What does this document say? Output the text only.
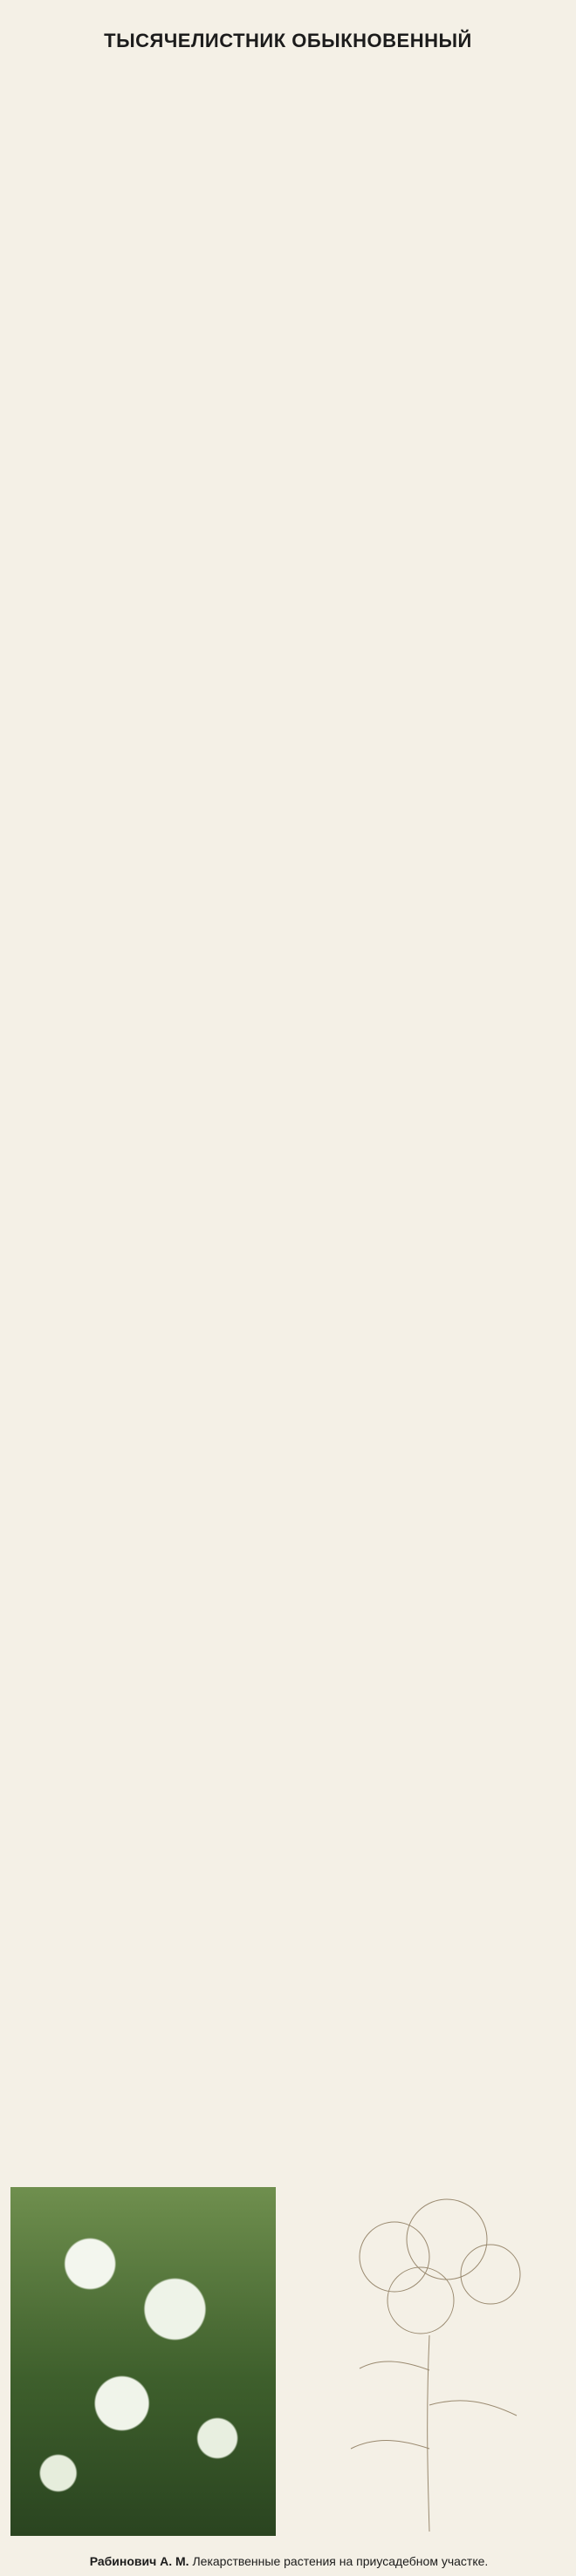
ТЫСЯЧЕЛИСТНИК ОБЫКНОВЕННЫЙ

Рабинович А. М. Лекарственные растения на приусадебном участке.
